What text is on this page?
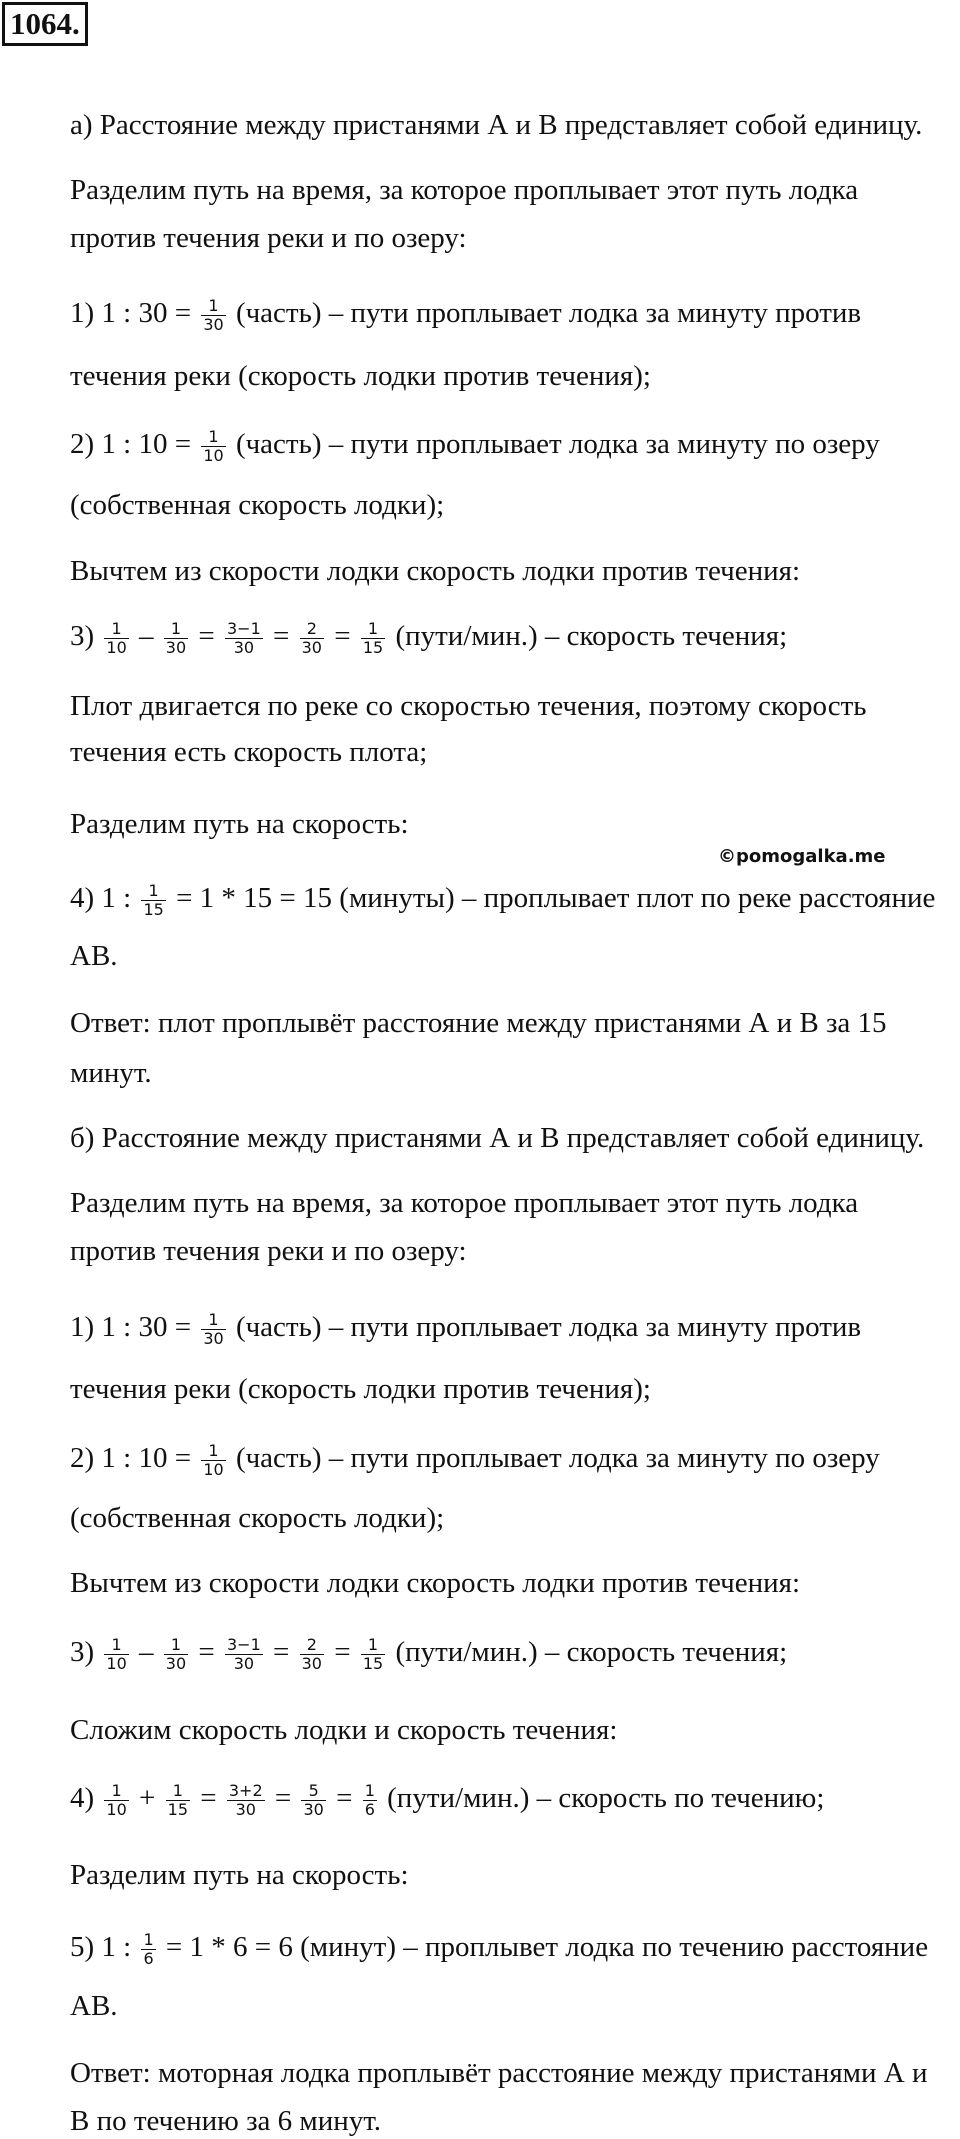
1064.
а) Расстояние между пристанями А и В представляет собой единицу.
Разделим путь на время, за которое проплывает этот путь лодка
против течения реки и по озеру:
1) 1 : $30 = \frac{1}{30}$ (часть) – пути проплывает лодка за минуту против
течения реки (скорость лодки против течения);
2) 1 : $10 = \frac{1}{10}$ (часть) – пути проплывает лодка за минуту по озеру
(собственная скорость лодки);
Вычтем из скорости лодки скорость лодки против течения:
$3) \frac{1}{10} - \frac{1}{30} = \frac{3-1}{30} = \frac{2}{30} = \frac{1}{15}$ (пути/мин.) – скорость течения;
Плот двигается по реке со скоростью течения, поэтому скорость
течения есть скорость плота;
Разделим путь на скорость:
©pomogalka.me
4) 1 : $\frac{1}{15} = 1 * 15 = 15$ (минуты) – проплывает плот по реке расстояние
АВ.
Ответ: плот проплывёт расстояние между пристанями А и В за 15
минут.
б) Расстояние между пристанями А и В представляет собой единицу.
Разделим путь на время, за которое проплывает этот путь лодка
против течения реки и по озеру:
1) 1 : $30 = \frac{1}{30}$ (часть) – пути проплывает лодка за минуту против
течения реки (скорость лодки против течения);
2) 1 : $10 = \frac{1}{10}$ (часть) – пути проплывает лодка за минуту по озеру
(собственная скорость лодки);
Вычтем из скорости лодки скорость лодки против течения:
$3) \frac{1}{10} - \frac{1}{30} = \frac{3-1}{30} = \frac{2}{30} = \frac{1}{15}$ (пути/мин.) – скорость течения;
Сложим скорость лодки и скорость течения:
$4) \frac{1}{10} + \frac{1}{15} = \frac{3+2}{30} = \frac{5}{30} = \frac{1}{6}$ (пути/мин.) – скорость по течению;
Разделим путь на скорость:
5) 1 : $\frac{1}{6} = 1 * 6 = 6$ (минут) – проплывет лодка по течению расстояние
АВ.
Ответ: моторная лодка проплывёт расстояние между пристанями А и
В по течению за 6 минут.
